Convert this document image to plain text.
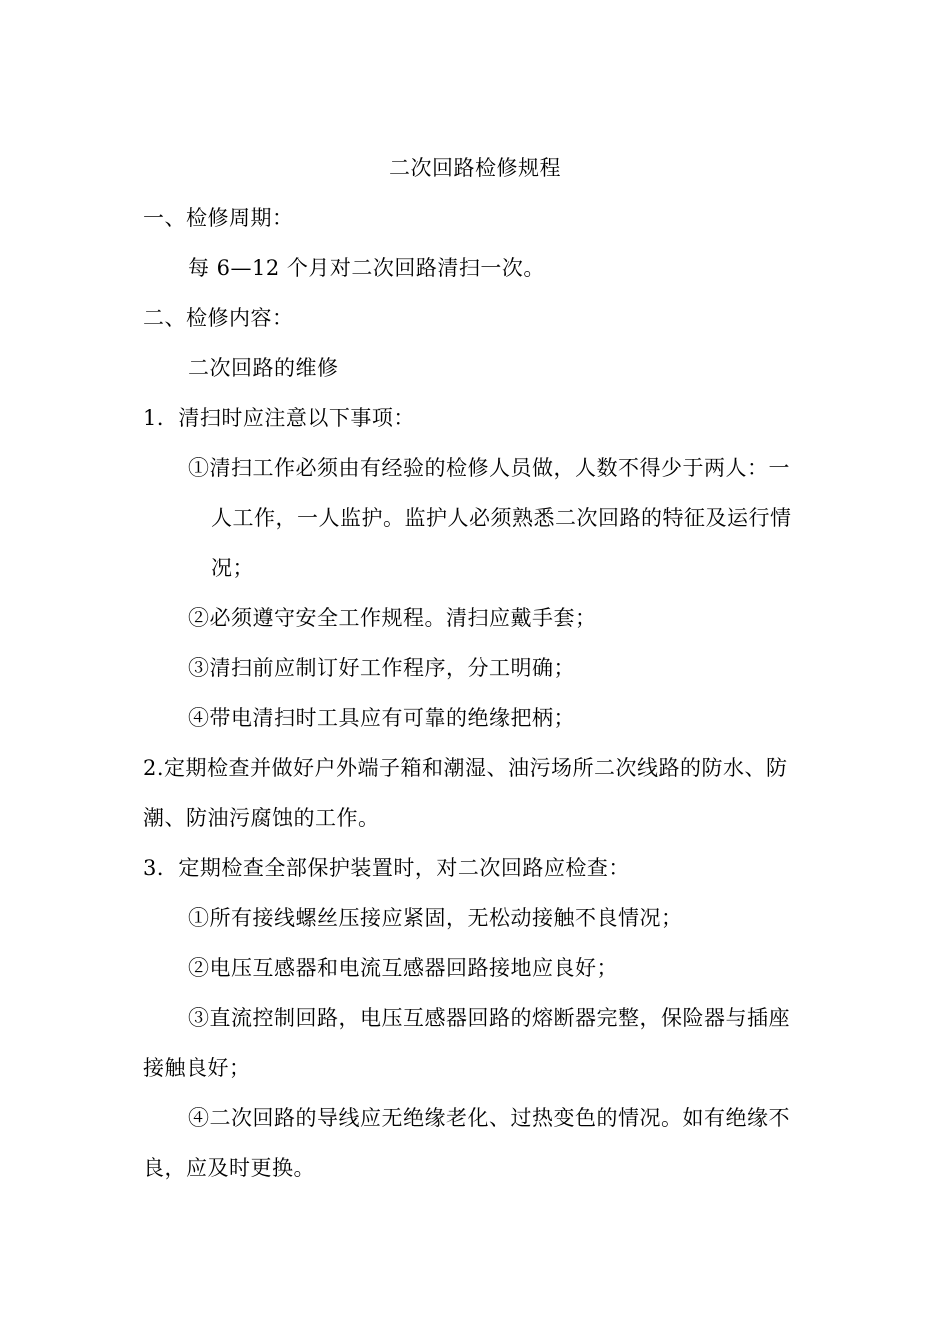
二次回路检修规程
一、检修周期：
每 6—12 个月对二次回路清扫一次。
二、检修内容：
二次回路的维修
1．清扫时应注意以下事项：
①清扫工作必须由有经验的检修人员做，人数不得少于两人：一
人工作，一人监护。监护人必须熟悉二次回路的特征及运行情
况；
②必须遵守安全工作规程。清扫应戴手套；
③清扫前应制订好工作程序，分工明确；
④带电清扫时工具应有可靠的绝缘把柄；
2.定期检查并做好户外端子箱和潮湿、油污场所二次线路的防水、防
潮、防油污腐蚀的工作。
3．定期检查全部保护装置时，对二次回路应检查：
①所有接线螺丝压接应紧固，无松动接触不良情况；
②电压互感器和电流互感器回路接地应良好；
③直流控制回路，电压互感器回路的熔断器完整，保险器与插座
接触良好；
④二次回路的导线应无绝缘老化、过热变色的情况。如有绝缘不
良，应及时更换。
